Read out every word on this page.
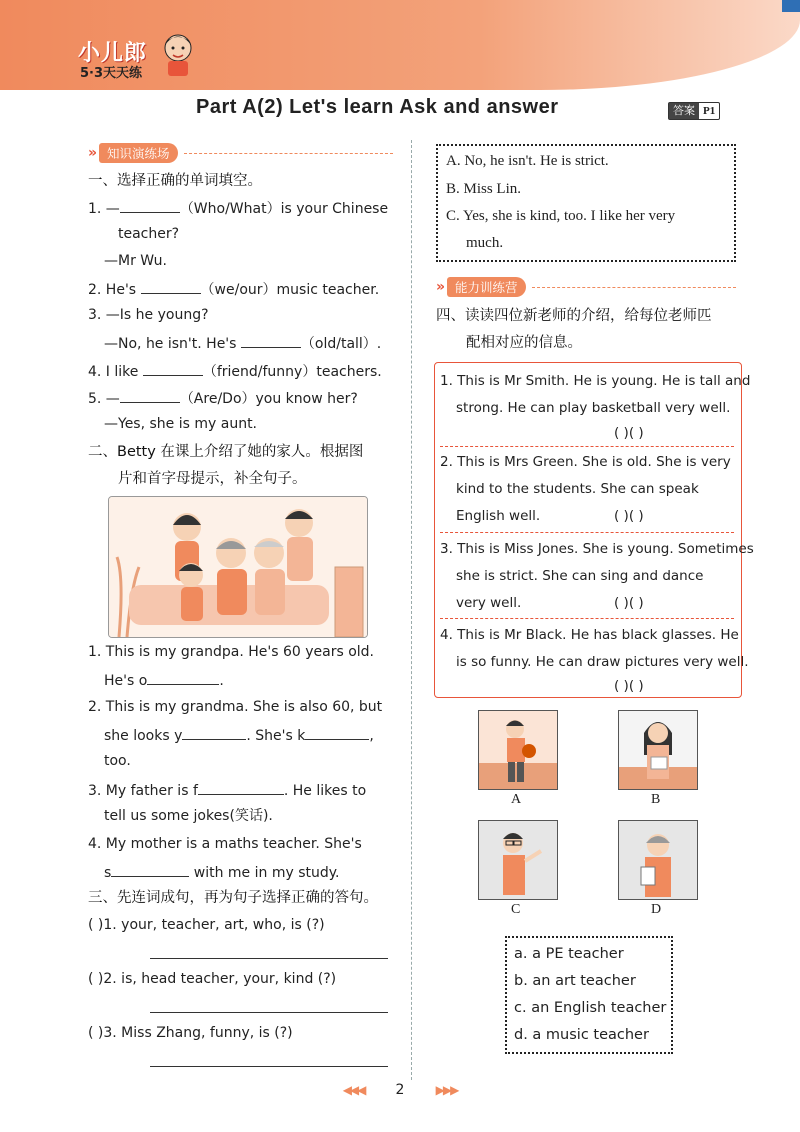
小儿郎
5·3天天练
Part A(2) Let's learn Ask and answer	答案 P1
» 知识演练场
一、选择正确的单词填空。
1. —	（Who/What）is your Chinese
teacher?
—Mr Wu.
2. He's	（we/our）music teacher.
3. —Is he young?
—No, he isn't. He's	（old/tall）.
4. I like	（friend/funny）teachers.
5. —	（Are/Do）you know her?
—Yes, she is my aunt.
二、Betty 在课上介绍了她的家人。根据图
片和首字母提示，补全句子。
1. This is my grandpa. He's 60 years old.
He's o	.
2. This is my grandma. She is also 60, but
she looks y	. She's k	,
too.
3. My father is f	. He likes to
tell us some jokes(笑话).
4. My mother is a maths teacher. She's
s	with me in my study.
三、先连词成句，再为句子选择正确的答句。
( )1. your, teacher, art, who, is (?)
( )2. is, head teacher, your, kind (?)
( )3. Miss Zhang, funny, is (?)
A. No, he isn't. He is strict.
B. Miss Lin.
C. Yes, she is kind, too. I like her very
much.
» 能力训练营
四、读读四位新老师的介绍，给每位老师匹
配相对应的信息。
1. This is Mr Smith. He is young. He is tall and
strong. He can play basketball very well.
( )( )
2. This is Mrs Green. She is old. She is very
kind to the students. She can speak
English well.	( )( )
3. This is Miss Jones. She is young. Sometimes
she is strict. She can sing and dance
very well.	( )( )
4. This is Mr Black. He has black glasses. He
is so funny. He can draw pictures very well.
( )( )
A	B
C	D
a. a PE teacher
b. an art teacher
c. an English teacher
d. a music teacher
◀◀◀ 2	▶▶▶
